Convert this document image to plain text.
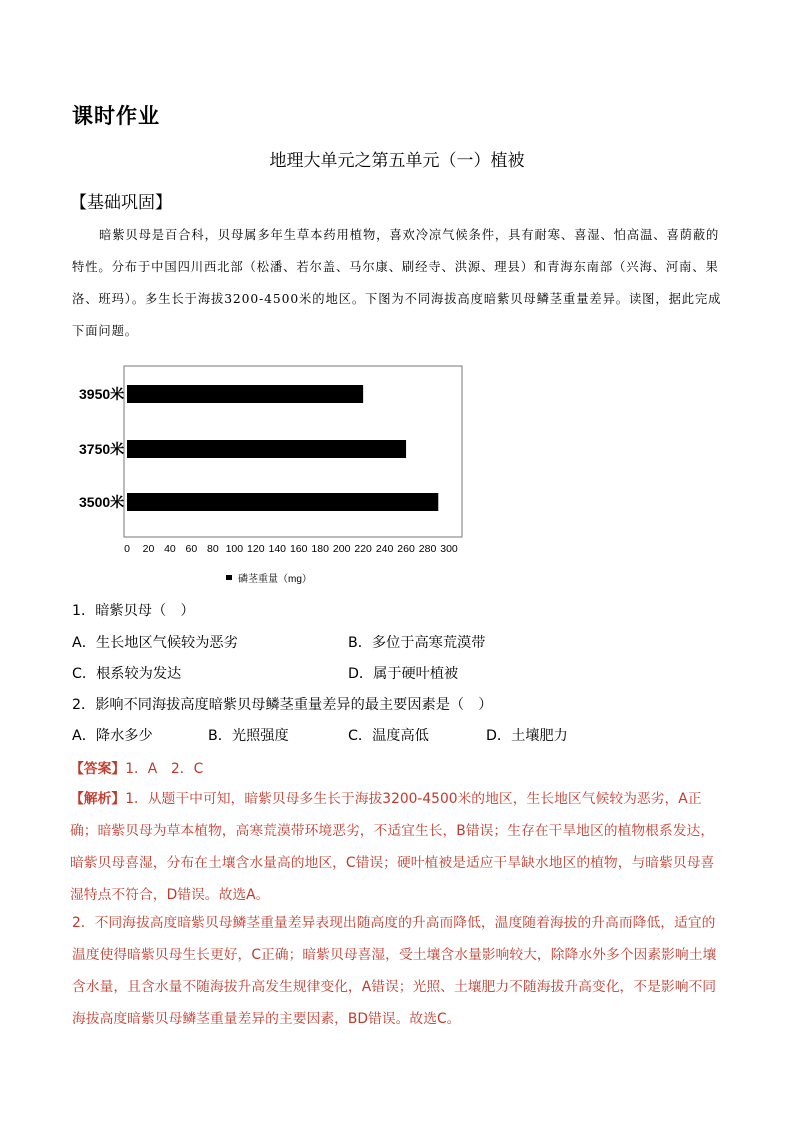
课时作业
地理大单元之第五单元（一）植被
【基础巩固】
暗紫贝母是百合科，贝母属多年生草本药用植物，喜欢冷凉气候条件，具有耐寒、喜湿、怕高温、喜荫蔽的特性。分布于中国四川西北部（松潘、若尔盖、马尔康、刷经寺、洪源、理县）和青海东南部（兴海、河南、果洛、班玛）。多生长于海拔3200-4500米的地区。下图为不同海拔高度暗紫贝母鳞茎重量差异。读图，据此完成下面问题。
3950米
3750米
3500米
0 20 40 60 80 100 120 140 160 180 200 220 240 260 280 300
磷茎重量（mg）
1．暗紫贝母（　）
A．生长地区气候较为恶劣	B．多位于高寒荒漠带
C．根系较为发达	D．属于硬叶植被
2．影响不同海拔高度暗紫贝母鳞茎重量差异的最主要因素是（　）
A．降水多少	B．光照强度	C．温度高低	D．土壤肥力
【答案】1．A　2．C
【解析】1．从题干中可知，暗紫贝母多生长于海拔3200-4500米的地区，生长地区气候较为恶劣，A正确；暗紫贝母为草本植物，高寒荒漠带环境恶劣，不适宜生长，B错误；生存在干旱地区的植物根系发达，暗紫贝母喜湿，分布在土壤含水量高的地区，C错误；硬叶植被是适应干旱缺水地区的植物，与暗紫贝母喜湿特点不符合，D错误。故选A。
2．不同海拔高度暗紫贝母鳞茎重量差异表现出随高度的升高而降低，温度随着海拔的升高而降低，适宜的温度使得暗紫贝母生长更好，C正确；暗紫贝母喜湿，受土壤含水量影响较大，除降水外多个因素影响土壤含水量，且含水量不随海拔升高发生规律变化，A错误；光照、土壤肥力不随海拔升高变化，不是影响不同海拔高度暗紫贝母鳞茎重量差异的主要因素，BD错误。故选C。
